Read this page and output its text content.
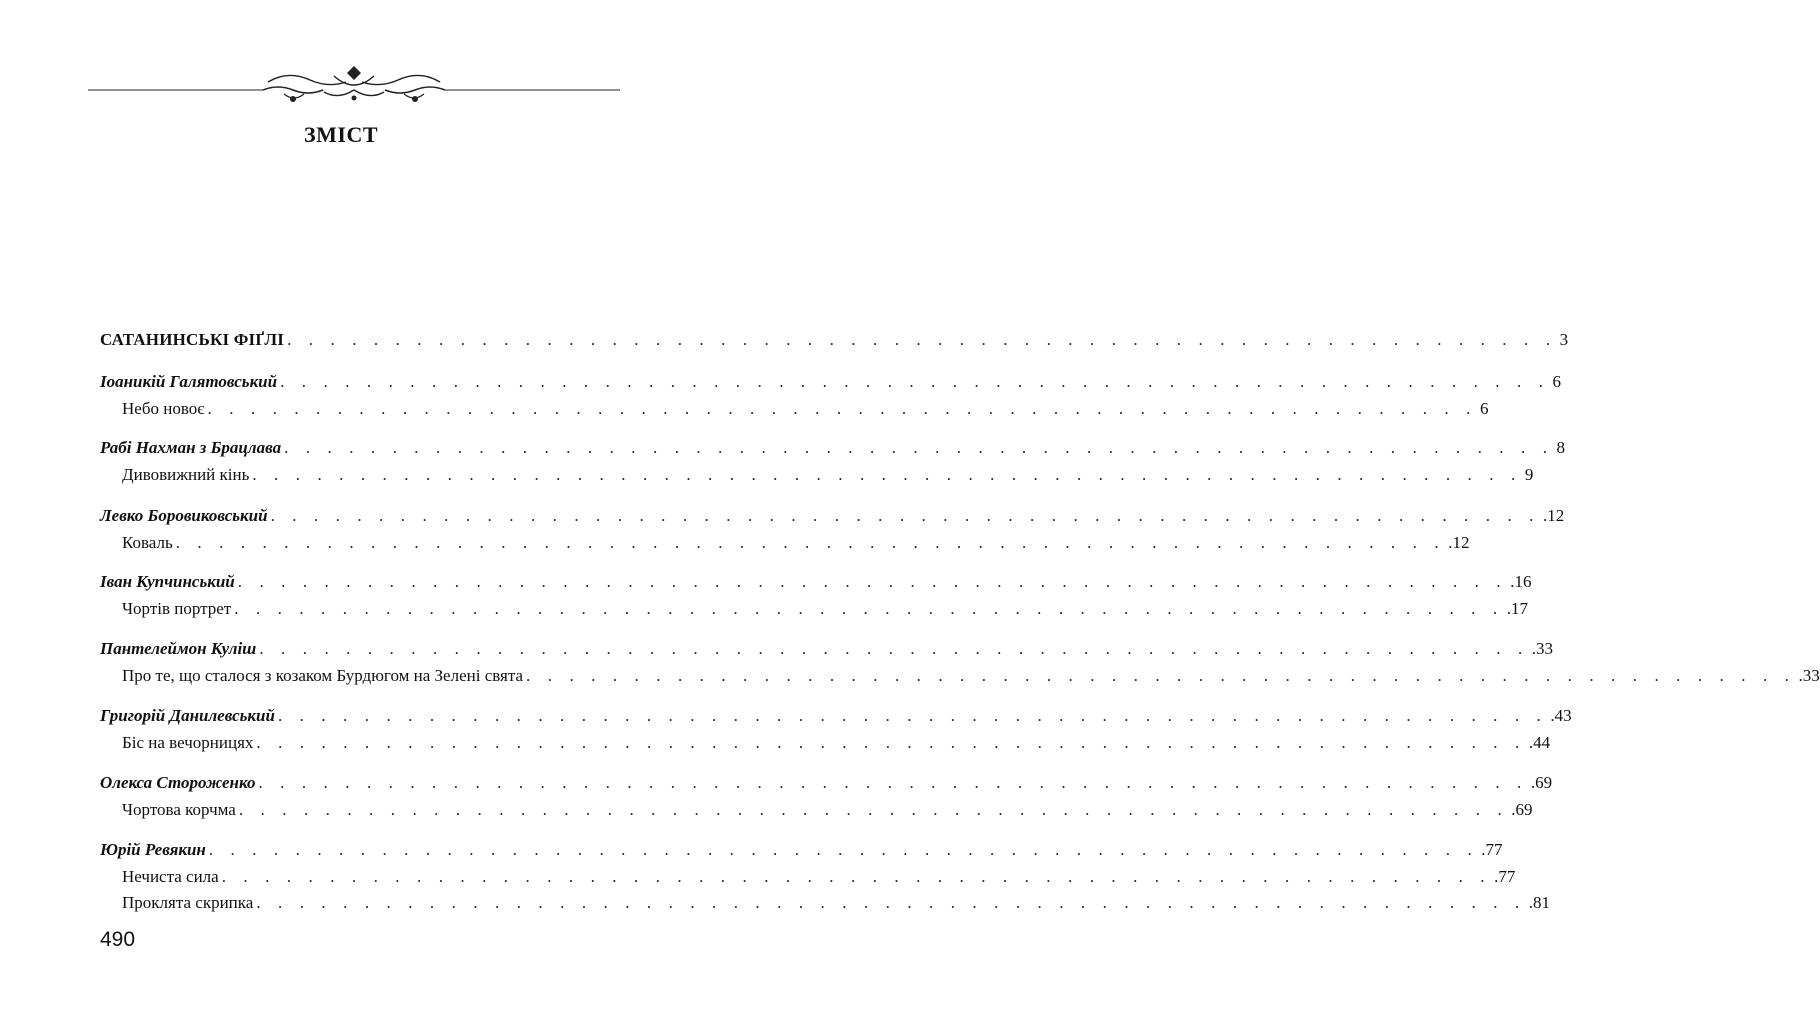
ЗМІСТ
САТАНИНСЬКІ ФІҐЛІ . . . . . . . . . . . . . . . . . . . . . . . . . . . . . . . . . . . . . . . . . . . . . . . . . . . . . . . . . . . 3
Іоаникій Галятовський . . . . . . . . . . . . . . . . . . . . . . . . . . . . . . . . . . . . . . . . . . . . . . . . . . . . . . . . . . . 6
Небо новоє . . . . . . . . . . . . . . . . . . . . . . . . . . . . . . . . . . . . . . . . . . . . . . . . . . . . . . . . . . . 6
Рабі Нахман з Брацлава . . . . . . . . . . . . . . . . . . . . . . . . . . . . . . . . . . . . . . . . . . . . . . . . . . . . . . . . . . . 8
Дивовижний кінь . . . . . . . . . . . . . . . . . . . . . . . . . . . . . . . . . . . . . . . . . . . . . . . . . . . . . . . . . . . 9
Левко Боровиковський . . . . . . . . . . . . . . . . . . . . . . . . . . . . . . . . . . . . . . . . . . . . . . . . . . . . . . . . . . . .12
Коваль . . . . . . . . . . . . . . . . . . . . . . . . . . . . . . . . . . . . . . . . . . . . . . . . . . . . . . . . . . . .12
Іван Купчинський . . . . . . . . . . . . . . . . . . . . . . . . . . . . . . . . . . . . . . . . . . . . . . . . . . . . . . . . . . . .16
Чортів портрет . . . . . . . . . . . . . . . . . . . . . . . . . . . . . . . . . . . . . . . . . . . . . . . . . . . . . . . . . . . .17
Пантелеймон Куліш . . . . . . . . . . . . . . . . . . . . . . . . . . . . . . . . . . . . . . . . . . . . . . . . . . . . . . . . . . . .33
Про те, що сталося з козаком Бурдюгом на Зелені свята . . . . . . . . . . . . . . . . . . . . . . . . . . . . . . . . . . . . . . . . . . . . . . . . . . . . . . . . . . . .33
Григорій Данилевський . . . . . . . . . . . . . . . . . . . . . . . . . . . . . . . . . . . . . . . . . . . . . . . . . . . . . . . . . . . .43
Біс на вечорницях . . . . . . . . . . . . . . . . . . . . . . . . . . . . . . . . . . . . . . . . . . . . . . . . . . . . . . . . . . . .44
Олекса Стороженко . . . . . . . . . . . . . . . . . . . . . . . . . . . . . . . . . . . . . . . . . . . . . . . . . . . . . . . . . . . .69
Чортова корчма . . . . . . . . . . . . . . . . . . . . . . . . . . . . . . . . . . . . . . . . . . . . . . . . . . . . . . . . . . . .69
Юрій Ревякин . . . . . . . . . . . . . . . . . . . . . . . . . . . . . . . . . . . . . . . . . . . . . . . . . . . . . . . . . . . .77
Нечиста сила . . . . . . . . . . . . . . . . . . . . . . . . . . . . . . . . . . . . . . . . . . . . . . . . . . . . . . . . . . . .77
Проклята скрипка . . . . . . . . . . . . . . . . . . . . . . . . . . . . . . . . . . . . . . . . . . . . . . . . . . . . . . . . . . . .81
490
